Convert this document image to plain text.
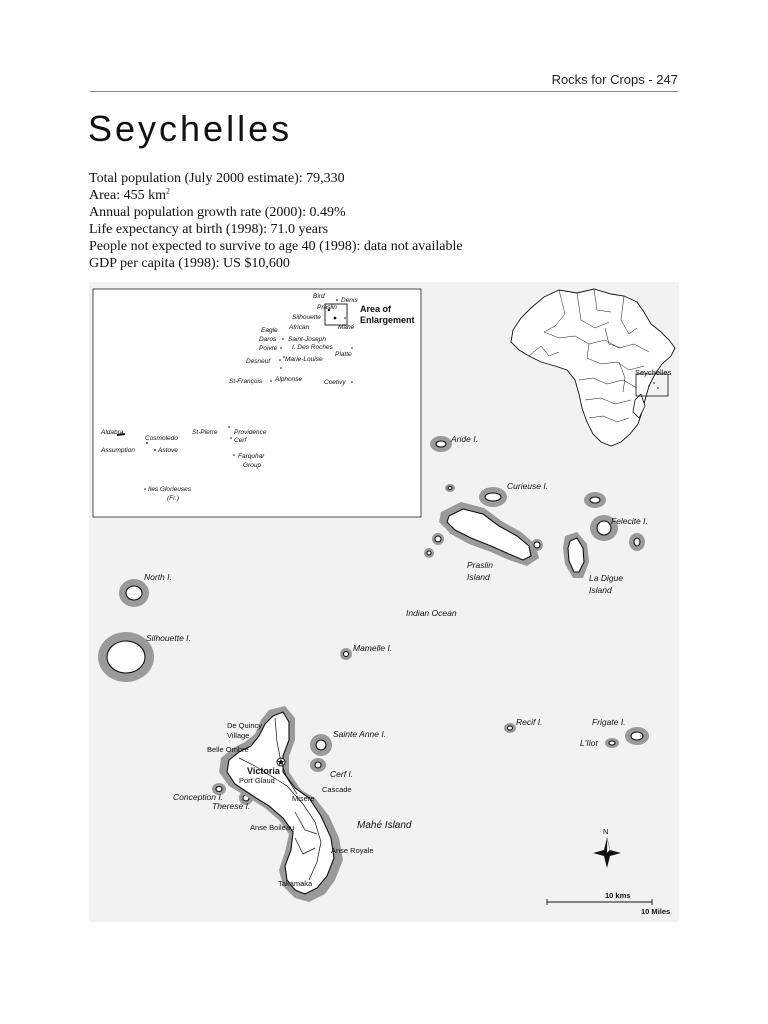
Rocks for Crops - 247
Seychelles
Total population (July 2000 estimate): 79,330
Area: 455 $km^2$
Annual population growth rate (2000): 0.49%
Life expectancy at birth (1998): 71.0 years
People not expected to survive to age 40 (1998): data not available
GDP per capita (1998): US $10,600
Area of
Enlargement
Bird
Denis
Praslin
Silhouette
Mahé
Eagle African
Daros Saint-Joseph
Poivre I. Des Roches
Platte
Desneuf Marie-Louise
St-François Alphonse	Coetivy
Aldabra
Cosmoledo
Assumption	Astove
St-Pierre	Providence
Cerf
Farquhar
Group
Iles Glorieuses
(Fr.)
Seychelles
Aride I.
Curieuse I.
Praslin
Island	La Digue
Island
Felecite I.
North I.
Indian Ocean
Silhouette I.
Mamelle I.
Recif I.	Frigate I.
L'Ilot
Sainte Anne I.
Cerf I.
De Quincy
Village
Belle Ombre
Victoria
Port Glaud
Cascade
Conception I.	Misere
Therese I.
Mahé Island
Anse Boileau
Anse Royale
Takamaka
N
10 kms
10 Miles
